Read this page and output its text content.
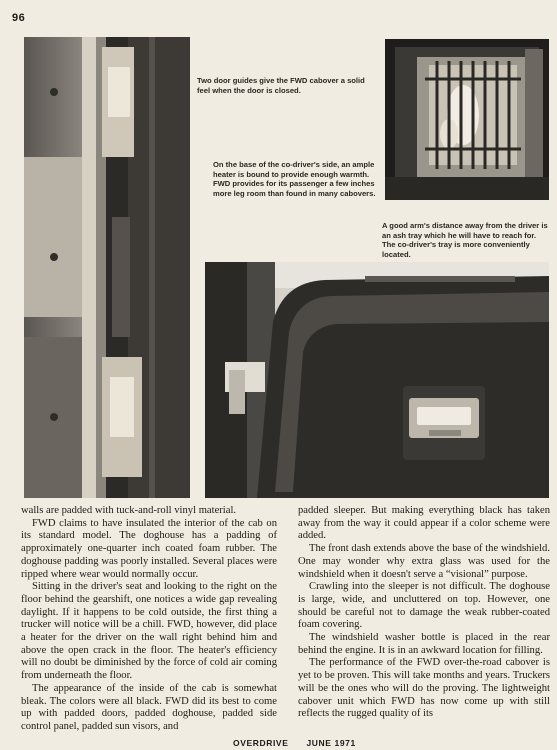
96

Two door guides give the FWD cabover a solid feel when the door is closed.

On the base of the co-driver's side, an ample heater is bound to provide enough warmth. FWD provides for its passenger a few inches more leg room than found in many cabovers.

A good arm's distance away from the driver is an ash tray which he will have to reach for. The co-driver's tray is more conveniently located.

walls are padded with tuck-and-roll vinyl material.

FWD claims to have insulated the interior of the cab on its standard model. The doghouse has a padding of approximately one-quarter inch coated foam rubber. The doghouse padding was poorly installed. Several places were ripped where wear would normally occur.

Sitting in the driver's seat and looking to the right on the floor behind the gearshift, one notices a wide gap revealing daylight. If it happens to be cold outside, the first thing a trucker will notice will be a chill. FWD, however, did place a heater for the driver on the wall right behind him and above the open crack in the floor. The heater's efficiency will no doubt be diminished by the force of cold air coming from underneath the floor.

The appearance of the inside of the cab is somewhat bleak. The colors were all black. FWD did its best to come up with padded doors, padded doghouse, padded side control panel, padded sun visors, and

padded sleeper. But making everything black has taken away from the way it could appear if a color scheme were added.

The front dash extends above the base of the windshield. One may wonder why extra glass was used for the windshield when it doesn't serve a “visional” purpose.

Crawling into the sleeper is not difficult. The doghouse is large, wide, and uncluttered on top. However, one should be careful not to damage the weak rubber-coated foam covering.

The windshield washer bottle is placed in the rear behind the engine. It is in an awkward location for filling.

The performance of the FWD over-the-road cabover is yet to be proven. This will take months and years. Truckers will be the ones who will do the proving. The lightweight cabover unit which FWD has now come up with still reflects the rugged quality of its

OVERDRIVE JUNE 1971
